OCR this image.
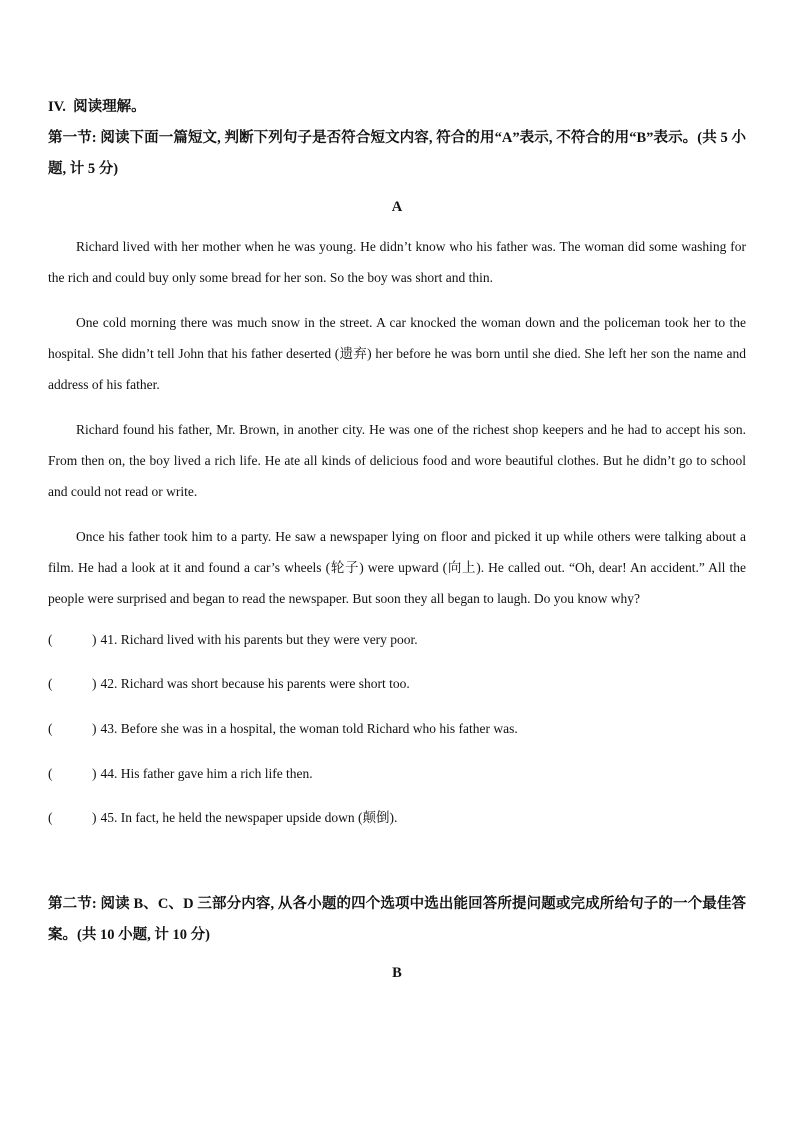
IV. 阅读理解。

第一节: 阅读下面一篇短文, 判断下列句子是否符合短文内容, 符合的用“A”表示, 不符合的用“B”表示。(共 5 小题, 计 5 分)

A

Richard lived with her mother when he was young. He didn’t know who his father was. The woman did some washing for the rich and could buy only some bread for her son. So the boy was short and thin.

One cold morning there was much snow in the street. A car knocked the woman down and the policeman took her to the hospital. She didn’t tell John that his father deserted (遗弃) her before he was born until she died. She left her son the name and address of his father.

Richard found his father, Mr. Brown, in another city. He was one of the richest shop keepers and he had to accept his son. From then on, the boy lived a rich life. He ate all kinds of delicious food and wore beautiful clothes. But he didn’t go to school and could not read or write.

Once his father took him to a party. He saw a newspaper lying on floor and picked it up while others were talking about a film. He had a look at it and found a car’s wheels (轮子) were upward (向上). He called out. “Oh, dear! An accident.” All the people were surprised and began to read the newspaper. But soon they all began to laugh. Do you know why?

(	) 41. Richard lived with his parents but they were very poor.
(	) 42. Richard was short because his parents were short too.
(	) 43. Before she was in a hospital, the woman told Richard who his father was.
(	) 44. His father gave him a rich life then.
(	) 45. In fact, he held the newspaper upside down (颠倒).

第二节: 阅读 B、C、D 三部分内容, 从各小题的四个选项中选出能回答所提问题或完成所给句子的一个最佳答案。(共 10 小题, 计 10 分)

B
